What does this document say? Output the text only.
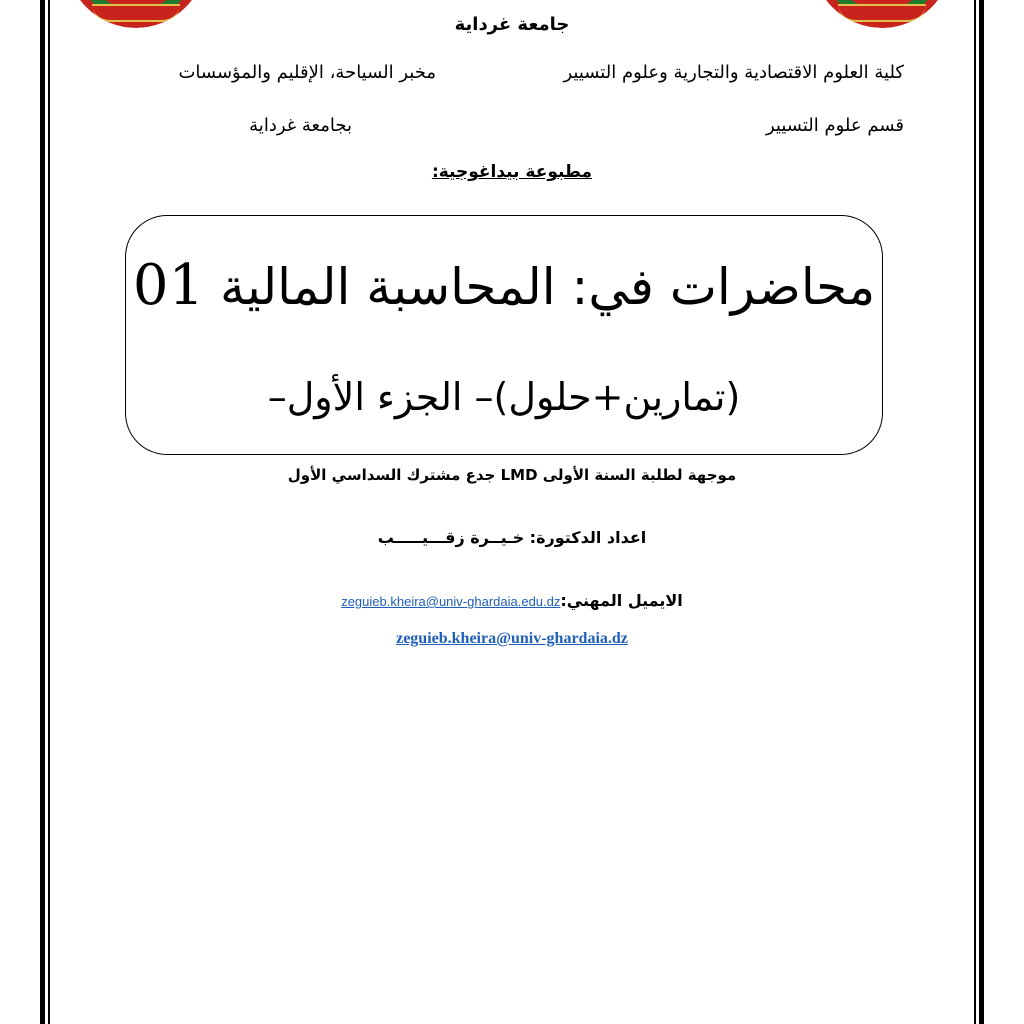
جامعة غرداية
كلية العلوم الاقتصادية والتجارية وعلوم التسيير
مخبر السياحة، الإقليم والمؤسسات
قسم علوم التسيير
بجامعة غرداية
مطبوعة بيداغوجية:
محاضرات في: المحاسبة المالية 01
(تمارين+حلول)– الجزء الأول–
موجهة لطلبة السنة الأولى LMD جدع مشترك السداسي الأول
اعداد الدكتورة: خـيــرة زقـــيـــــب
الايميل المهني:zeguieb.kheira@univ-ghardaia.edu.dz
zeguieb.kheira@univ-ghardaia.dz
